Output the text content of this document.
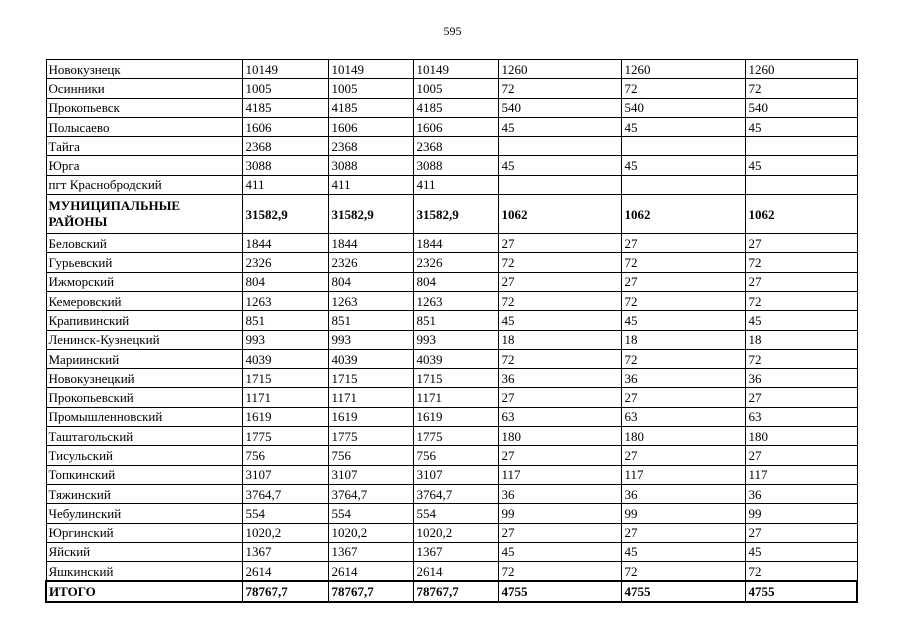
595
Новокузнецк	10149	10149	10149	1260	1260	1260
Осинники	1005	1005	1005	72	72	72
Прокопьевск	4185	4185	4185	540	540	540
Полысаево	1606	1606	1606	45	45	45
Тайга	2368	2368	2368			
Юрга	3088	3088	3088	45	45	45
пгт Краснобродский	411	411	411			
МУНИЦИПАЛЬНЫЕ РАЙОНЫ	31582,9	31582,9	31582,9	1062	1062	1062
Беловский	1844	1844	1844	27	27	27
Гурьевский	2326	2326	2326	72	72	72
Ижморский	804	804	804	27	27	27
Кемеровский	1263	1263	1263	72	72	72
Крапивинский	851	851	851	45	45	45
Ленинск-Кузнецкий	993	993	993	18	18	18
Мариинский	4039	4039	4039	72	72	72
Новокузнецкий	1715	1715	1715	36	36	36
Прокопьевский	1171	1171	1171	27	27	27
Промышленновский	1619	1619	1619	63	63	63
Таштагольский	1775	1775	1775	180	180	180
Тисульский	756	756	756	27	27	27
Топкинский	3107	3107	3107	117	117	117
Тяжинский	3764,7	3764,7	3764,7	36	36	36
Чебулинский	554	554	554	99	99	99
Юргинский	1020,2	1020,2	1020,2	27	27	27
Яйский	1367	1367	1367	45	45	45
Яшкинский	2614	2614	2614	72	72	72
ИТОГО	78767,7	78767,7	78767,7	4755	4755	4755
